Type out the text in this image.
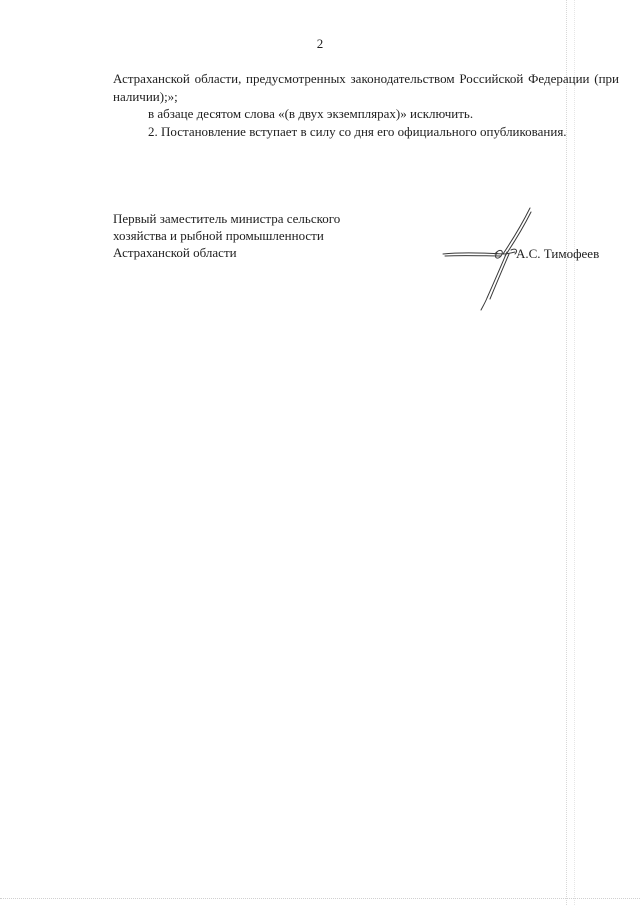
2

Астраханской области, предусмотренных законодательством Российской Федерации (при наличии);»;

в абзаце десятом слова «(в двух экземплярах)» исключить.

2. Постановление вступает в силу со дня его официального опубликования.

Первый заместитель министра сельского
хозяйства и рыбной промышленности
Астраханской области	А.С. Тимофеев
